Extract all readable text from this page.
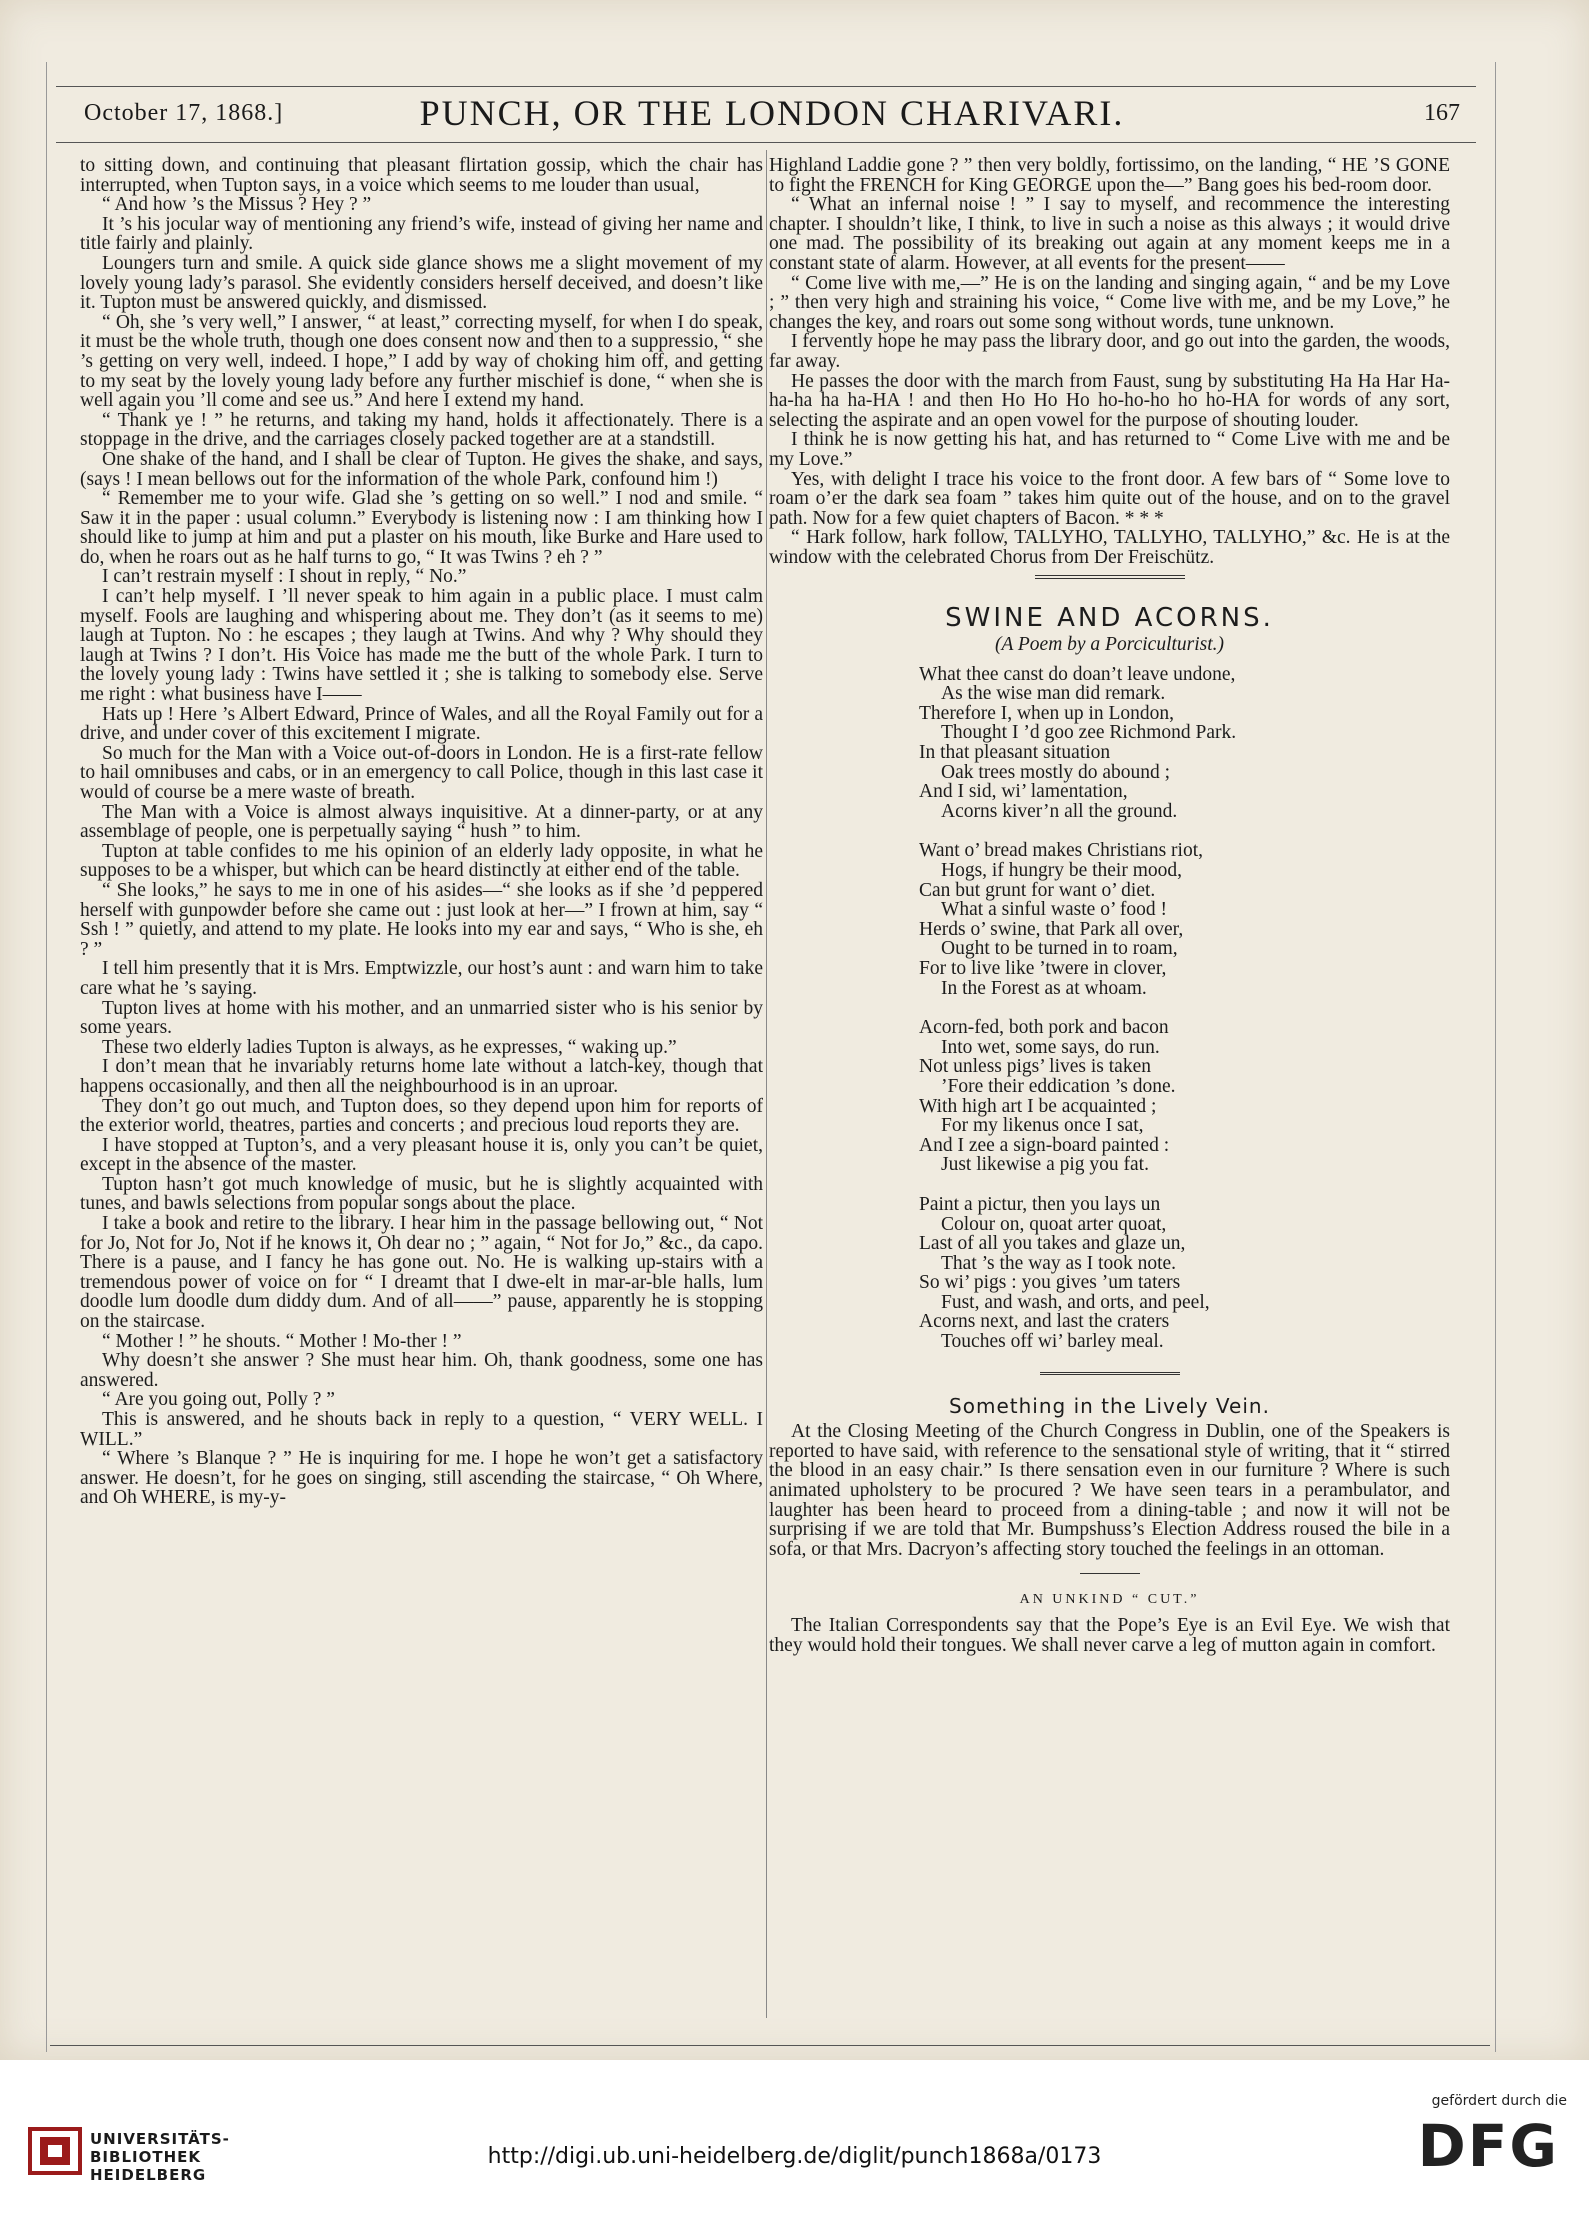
October 17, 1868.]	PUNCH, OR THE LONDON CHARIVARI.	167

to sitting down, and continuing that pleasant flirtation gossip, which the chair has interrupted, when Tupton says, in a voice which seems to me louder than usual,

“ And how ’s the Missus ? Hey ? ”

It ’s his jocular way of mentioning any friend’s wife, instead of giving her name and title fairly and plainly.

Loungers turn and smile. A quick side glance shows me a slight movement of my lovely young lady’s parasol. She evidently considers herself deceived, and doesn’t like it. Tupton must be answered quickly, and dismissed.

“ Oh, she ’s very well,” I answer, “ at least,” correcting myself, for when I do speak, it must be the whole truth, though one does consent now and then to a suppressio, “ she ’s getting on very well, indeed. I hope,” I add by way of choking him off, and getting to my seat by the lovely young lady before any further mischief is done, “ when she is well again you ’ll come and see us.” And here I extend my hand.

“ Thank ye ! ” he returns, and taking my hand, holds it affectionately. There is a stoppage in the drive, and the carriages closely packed together are at a standstill.

One shake of the hand, and I shall be clear of Tupton. He gives the shake, and says, (says ! I mean bellows out for the information of the whole Park, confound him !)

“ Remember me to your wife. Glad she ’s getting on so well.” I nod and smile. “ Saw it in the paper : usual column.” Everybody is listening now : I am thinking how I should like to jump at him and put a plaster on his mouth, like Burke and Hare used to do, when he roars out as he half turns to go, “ It was Twins ? eh ? ”

I can’t restrain myself : I shout in reply, “ No.”

I can’t help myself. I ’ll never speak to him again in a public place. I must calm myself. Fools are laughing and whispering about me. They don’t (as it seems to me) laugh at Tupton. No : he escapes ; they laugh at Twins. And why ? Why should they laugh at Twins ? I don’t. His Voice has made me the butt of the whole Park. I turn to the lovely young lady : Twins have settled it ; she is talking to somebody else. Serve me right : what business have I——

Hats up ! Here ’s Albert Edward, Prince of Wales, and all the Royal Family out for a drive, and under cover of this excitement I migrate.

So much for the Man with a Voice out-of-doors in London. He is a first-rate fellow to hail omnibuses and cabs, or in an emergency to call Police, though in this last case it would of course be a mere waste of breath.

The Man with a Voice is almost always inquisitive. At a dinner-party, or at any assemblage of people, one is perpetually saying “ hush ” to him.

Tupton at table confides to me his opinion of an elderly lady opposite, in what he supposes to be a whisper, but which can be heard distinctly at either end of the table.

“ She looks,” he says to me in one of his asides—“ she looks as if she ’d peppered herself with gunpowder before she came out : just look at her—” I frown at him, say “ Ssh ! ” quietly, and attend to my plate. He looks into my ear and says, “ Who is she, eh ? ”

I tell him presently that it is Mrs. Emptwizzle, our host’s aunt : and warn him to take care what he ’s saying.

Tupton lives at home with his mother, and an unmarried sister who is his senior by some years.

These two elderly ladies Tupton is always, as he expresses, “ waking up.”

I don’t mean that he invariably returns home late without a latch-key, though that happens occasionally, and then all the neighbourhood is in an uproar.

They don’t go out much, and Tupton does, so they depend upon him for reports of the exterior world, theatres, parties and concerts ; and precious loud reports they are.

I have stopped at Tupton’s, and a very pleasant house it is, only you can’t be quiet, except in the absence of the master.

Tupton hasn’t got much knowledge of music, but he is slightly acquainted with tunes, and bawls selections from popular songs about the place.

I take a book and retire to the library. I hear him in the passage bellowing out, “ Not for Jo, Not for Jo, Not if he knows it, Oh dear no ; ” again, “ Not for Jo,” &c., da capo. There is a pause, and I fancy he has gone out. No. He is walking up-stairs with a tremendous power of voice on for “ I dreamt that I dwe-elt in mar-ar-ble halls, lum doodle lum doodle dum diddy dum. And of all——” pause, apparently he is stopping on the staircase.

“ Mother ! ” he shouts. “ Mother ! Mo-ther ! ”

Why doesn’t she answer ? She must hear him. Oh, thank goodness, some one has answered.

“ Are you going out, Polly ? ”

This is answered, and he shouts back in reply to a question, “ VERY WELL. I WILL.”

“ Where ’s Blanque ? ” He is inquiring for me. I hope he won’t get a satisfactory answer. He doesn’t, for he goes on singing, still ascending the staircase, “ Oh Where, and Oh WHERE, is my-y-

Highland Laddie gone ? ” then very boldly, fortissimo, on the landing, “ HE ’S GONE to fight the FRENCH for King GEORGE upon the—” Bang goes his bed-room door.

“ What an infernal noise ! ” I say to myself, and recommence the interesting chapter. I shouldn’t like, I think, to live in such a noise as this always ; it would drive one mad. The possibility of its breaking out again at any moment keeps me in a constant state of alarm. However, at all events for the present——

“ Come live with me,—” He is on the landing and singing again, “ and be my Love ; ” then very high and straining his voice, “ Come live with me, and be my Love,” he changes the key, and roars out some song without words, tune unknown.

I fervently hope he may pass the library door, and go out into the garden, the woods, far away.

He passes the door with the march from Faust, sung by substituting Ha Ha Har Ha-ha-ha ha ha-HA ! and then Ho Ho Ho ho-ho-ho ho ho-HA for words of any sort, selecting the aspirate and an open vowel for the purpose of shouting louder.

I think he is now getting his hat, and has returned to “ Come Live with me and be my Love.”

Yes, with delight I trace his voice to the front door. A few bars of “ Some love to roam o’er the dark sea foam ” takes him quite out of the house, and on to the gravel path. Now for a few quiet chapters of Bacon. * * *

“ Hark follow, hark follow, TALLYHO, TALLYHO, TALLYHO,” &c. He is at the window with the celebrated Chorus from Der Freischütz.

SWINE AND ACORNS.
(A Poem by a Porciculturist.)
What thee canst do doan’t leave undone,
As the wise man did remark.
Therefore I, when up in London,
Thought I ’d goo zee Richmond Park.
In that pleasant situation
Oak trees mostly do abound ;
And I sid, wi’ lamentation,
Acorns kiver’n all the ground.
Want o’ bread makes Christians riot,
Hogs, if hungry be their mood,
Can but grunt for want o’ diet.
What a sinful waste o’ food !
Herds o’ swine, that Park all over,
Ought to be turned in to roam,
For to live like ’twere in clover,
In the Forest as at whoam.
Acorn-fed, both pork and bacon
Into wet, some says, do run.
Not unless pigs’ lives is taken
’Fore their eddication ’s done.
With high art I be acquainted ;
For my likenus once I sat,
And I zee a sign-board painted :
Just likewise a pig you fat.
Paint a pictur, then you lays un
Colour on, quoat arter quoat,
Last of all you takes and glaze un,
That ’s the way as I took note.
So wi’ pigs : you gives ’um taters
Fust, and wash, and orts, and peel,
Acorns next, and last the craters
Touches off wi’ barley meal.
Something in the Lively Vein.

At the Closing Meeting of the Church Congress in Dublin, one of the Speakers is reported to have said, with reference to the sensational style of writing, that it “ stirred the blood in an easy chair.” Is there sensation even in our furniture ? Where is such animated upholstery to be procured ? We have seen tears in a perambulator, and laughter has been heard to proceed from a dining-table ; and now it will not be surprising if we are told that Mr. Bumpshuss’s Election Address roused the bile in a sofa, or that Mrs. Dacryon’s affecting story touched the feelings in an ottoman.

AN UNKIND “ CUT.”

The Italian Correspondents say that the Pope’s Eye is an Evil Eye. We wish that they would hold their tongues. We shall never carve a leg of mutton again in comfort.

UNIVERSITÄTS-
BIBLIOTHEK
HEIDELBERG
http://digi.ub.uni-heidelberg.de/diglit/punch1868a/0173
gefördert durch die
DFG
